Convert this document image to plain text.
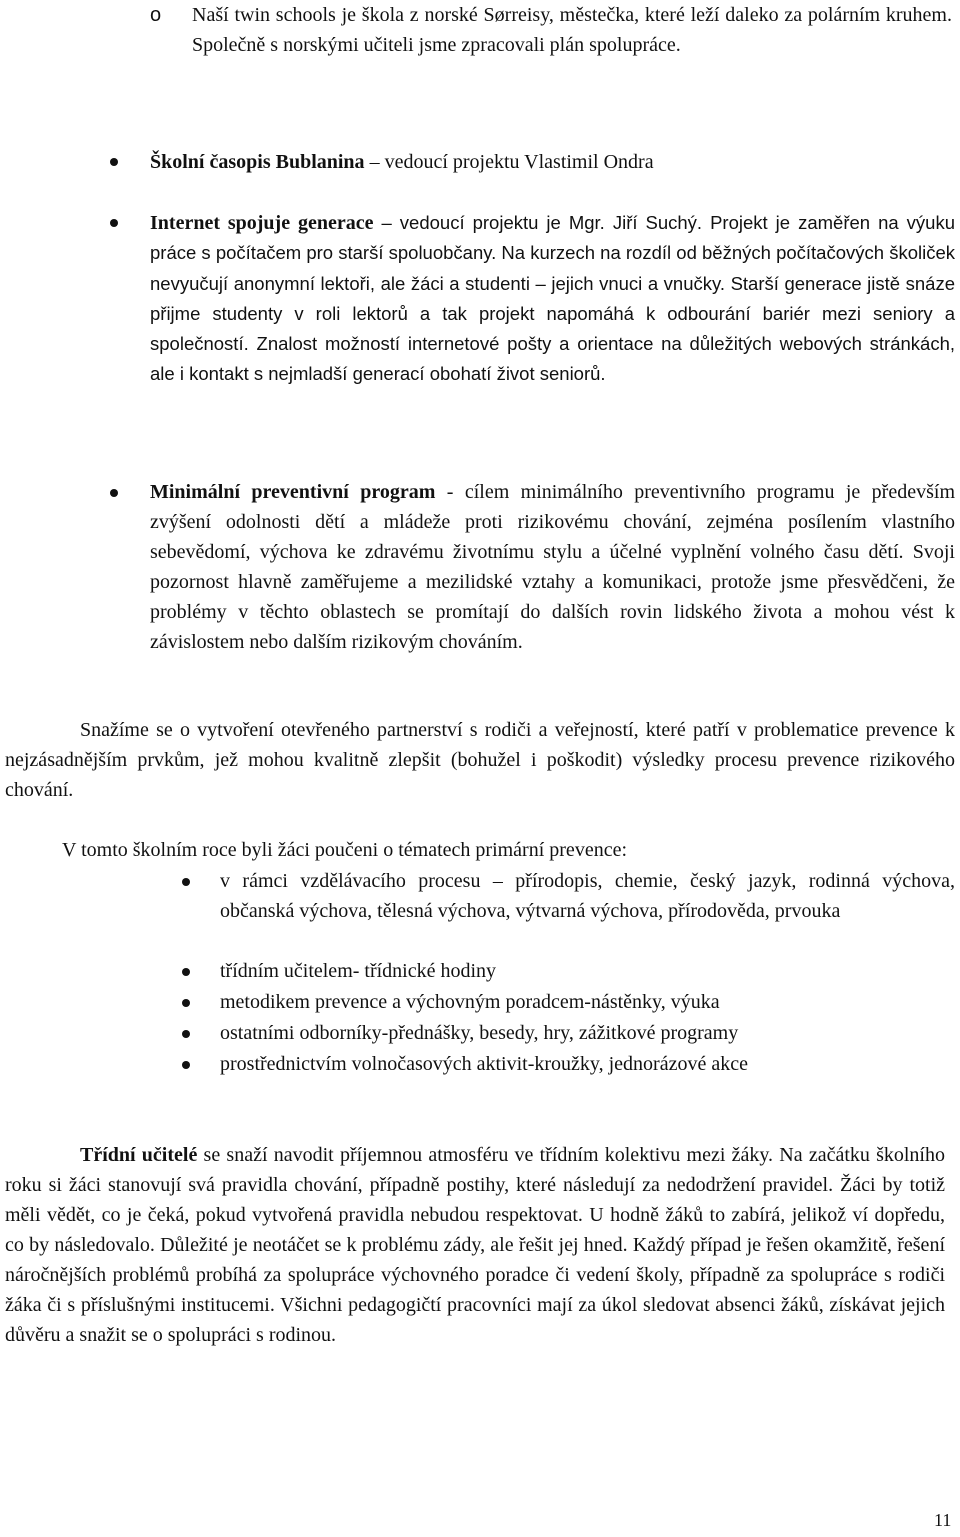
o Naší twin schools je škola z norské Sørreisy, městečka, které leží daleko za polárním kruhem. Společně s norskými učiteli jsme zpracovali plán spolupráce.
Školní časopis Bublanina – vedoucí projektu Vlastimil Ondra
Internet spojuje generace – vedoucí projektu je Mgr. Jiří Suchý. Projekt je zaměřen na výuku práce s počítačem pro starší spoluobčany. Na kurzech na rozdíl od běžných počítačových školiček nevyučují anonymní lektoři, ale žáci a studenti – jejich vnuci a vnučky. Starší generace jistě snáze přijme studenty v roli lektorů a tak projekt napomáhá k odbourání bariér mezi seniory a společností. Znalost možností internetové pošty a orientace na důležitých webových stránkách, ale i kontakt s nejmladší generací obohatí život seniorů.
Minimální preventivní program - cílem minimálního preventivního programu je především zvýšení odolnosti dětí a mládeže proti rizikovému chování, zejména posílením vlastního sebevědomí, výchova ke zdravému životnímu stylu a účelné vyplnění volného času dětí. Svoji pozornost hlavně zaměřujeme a mezilidské vztahy a komunikaci, protože jsme přesvědčeni, že problémy v těchto oblastech se promítají do dalších rovin lidského života a mohou vést k závislostem nebo dalším rizikovým chováním.
Snažíme se o vytvoření otevřeného partnerství s rodiči a veřejností, které patří v problematice prevence k nejzásadnějším prvkům, jež mohou kvalitně zlepšit (bohužel i poškodit) výsledky procesu prevence rizikového chování.
V tomto školním roce byli žáci poučeni o tématech primární prevence:
v rámci vzdělávacího procesu – přírodopis, chemie, český jazyk, rodinná výchova, občanská výchova, tělesná výchova, výtvarná výchova, přírodověda, prvouka
třídním učitelem- třídnické hodiny
metodikem prevence a výchovným poradcem-nástěnky, výuka
ostatními odborníky-přednášky, besedy, hry, zážitkové programy
prostřednictvím volnočasových aktivit-kroužky, jednorázové akce
Třídní učitelé se snaží navodit příjemnou atmosféru ve třídním kolektivu mezi žáky. Na začátku školního roku si žáci stanovují svá pravidla chování, případně postihy, které následují za nedodržení pravidel. Žáci by totiž měli vědět, co je čeká, pokud vytvořená pravidla nebudou respektovat. U hodně žáků to zabírá, jelikož ví dopředu, co by následovalo. Důležité je neotáčet se k problému zády, ale řešit jej hned. Každý případ je řešen okamžitě, řešení náročnějších problémů probíhá za spolupráce výchovného poradce či vedení školy, případně za spolupráce s rodiči žáka či s příslušnými institucemi. Všichni pedagogičtí pracovníci mají za úkol sledovat absenci žáků, získávat jejich důvěru a snažit se o spolupráci s rodinou.
11
